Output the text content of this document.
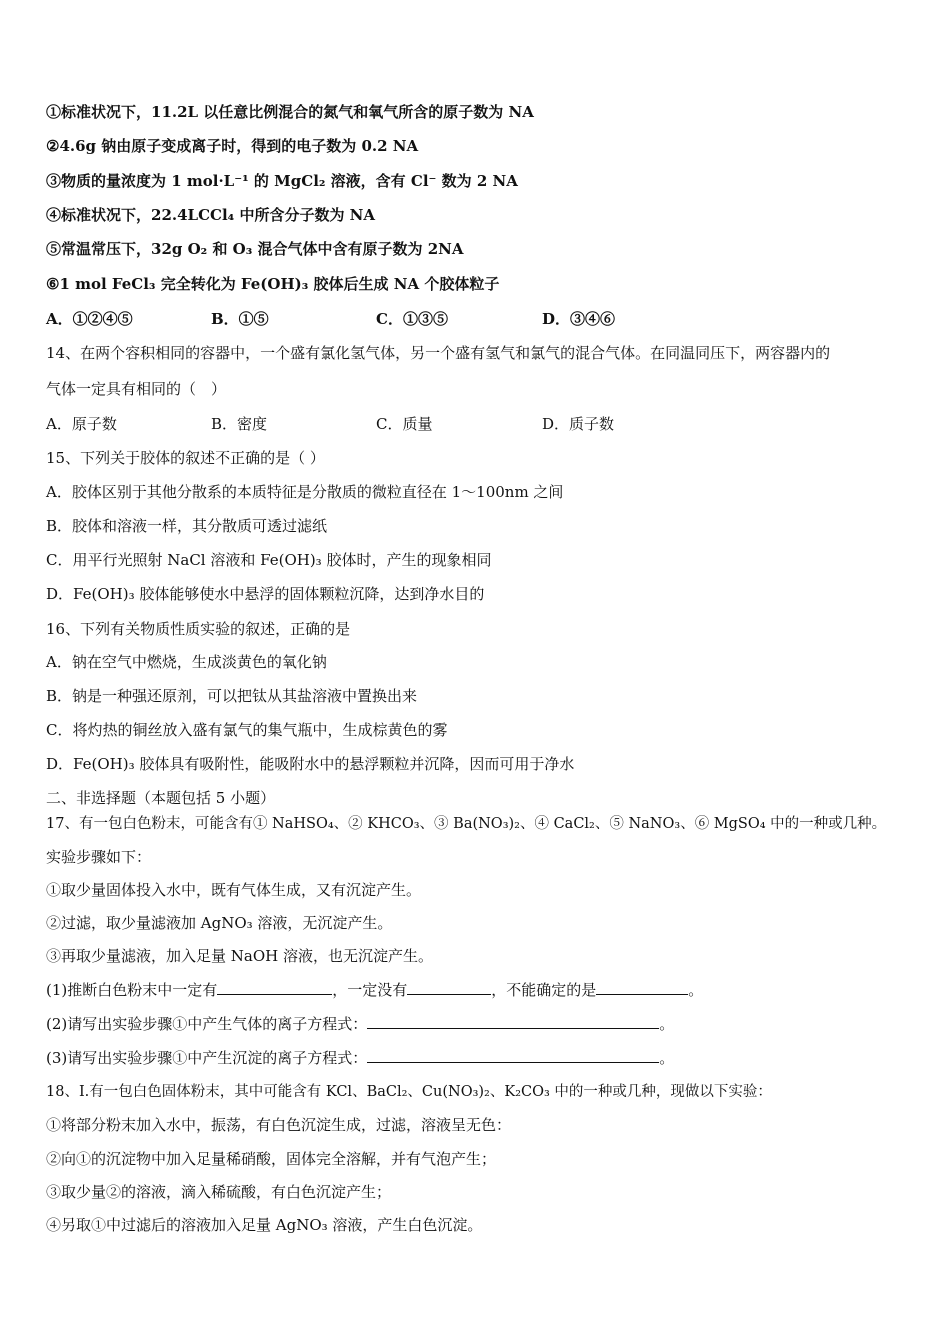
①标准状况下，11.2L 以任意比例混合的氮气和氧气所含的原子数为 NA
②4.6g 钠由原子变成离子时，得到的电子数为 0.2 NA
③物质的量浓度为 1 mol·L⁻¹ 的 MgCl₂ 溶液，含有 Cl⁻ 数为 2 NA
④标准状况下，22.4LCCl₄ 中所含分子数为 NA
⑤常温常压下，32g O₂ 和 O₃ 混合气体中含有原子数为 2NA
⑥1 mol FeCl₃ 完全转化为 Fe(OH)₃ 胶体后生成 NA 个胶体粒子
A．①②④⑤	B．①⑤	C．①③⑤	D．③④⑥
14、在两个容积相同的容器中，一个盛有氯化氢气体，另一个盛有氢气和氯气的混合气体。在同温同压下，两容器内的
气体一定具有相同的（　）
A．原子数	B．密度	C．质量	D．质子数
15、下列关于胶体的叙述不正确的是（ ）
A．胶体区别于其他分散系的本质特征是分散质的微粒直径在 1～100nm 之间
B．胶体和溶液一样，其分散质可透过滤纸
C．用平行光照射 NaCl 溶液和 Fe(OH)₃ 胶体时，产生的现象相同
D．Fe(OH)₃ 胶体能够使水中悬浮的固体颗粒沉降，达到净水目的
16、下列有关物质性质实验的叙述，正确的是
A．钠在空气中燃烧，生成淡黄色的氧化钠
B．钠是一种强还原剂，可以把钛从其盐溶液中置换出来
C．将灼热的铜丝放入盛有氯气的集气瓶中，生成棕黄色的雾
D．Fe(OH)₃ 胶体具有吸附性，能吸附水中的悬浮颗粒并沉降，因而可用于净水
二、非选择题（本题包括 5 小题）
17、有一包白色粉末，可能含有① NaHSO₄、② KHCO₃、③ Ba(NO₃)₂、④ CaCl₂、⑤ NaNO₃、⑥ MgSO₄ 中的一种或几种。
实验步骤如下：
①取少量固体投入水中，既有气体生成，又有沉淀产生。
②过滤，取少量滤液加 AgNO₃ 溶液，无沉淀产生。
③再取少量滤液，加入足量 NaOH 溶液，也无沉淀产生。
(1)推断白色粉末中一定有	，一定没有	，不能确定的是	。
(2)请写出实验步骤①中产生气体的离子方程式：	。
(3)请写出实验步骤①中产生沉淀的离子方程式：	。
18、Ⅰ.有一包白色固体粉末，其中可能含有 KCl、BaCl₂、Cu(NO₃)₂、K₂CO₃ 中的一种或几种，现做以下实验：
①将部分粉末加入水中，振荡，有白色沉淀生成，过滤，溶液呈无色：
②向①的沉淀物中加入足量稀硝酸，固体完全溶解，并有气泡产生；
③取少量②的溶液，滴入稀硫酸，有白色沉淀产生；
④另取①中过滤后的溶液加入足量 AgNO₃ 溶液，产生白色沉淀。
